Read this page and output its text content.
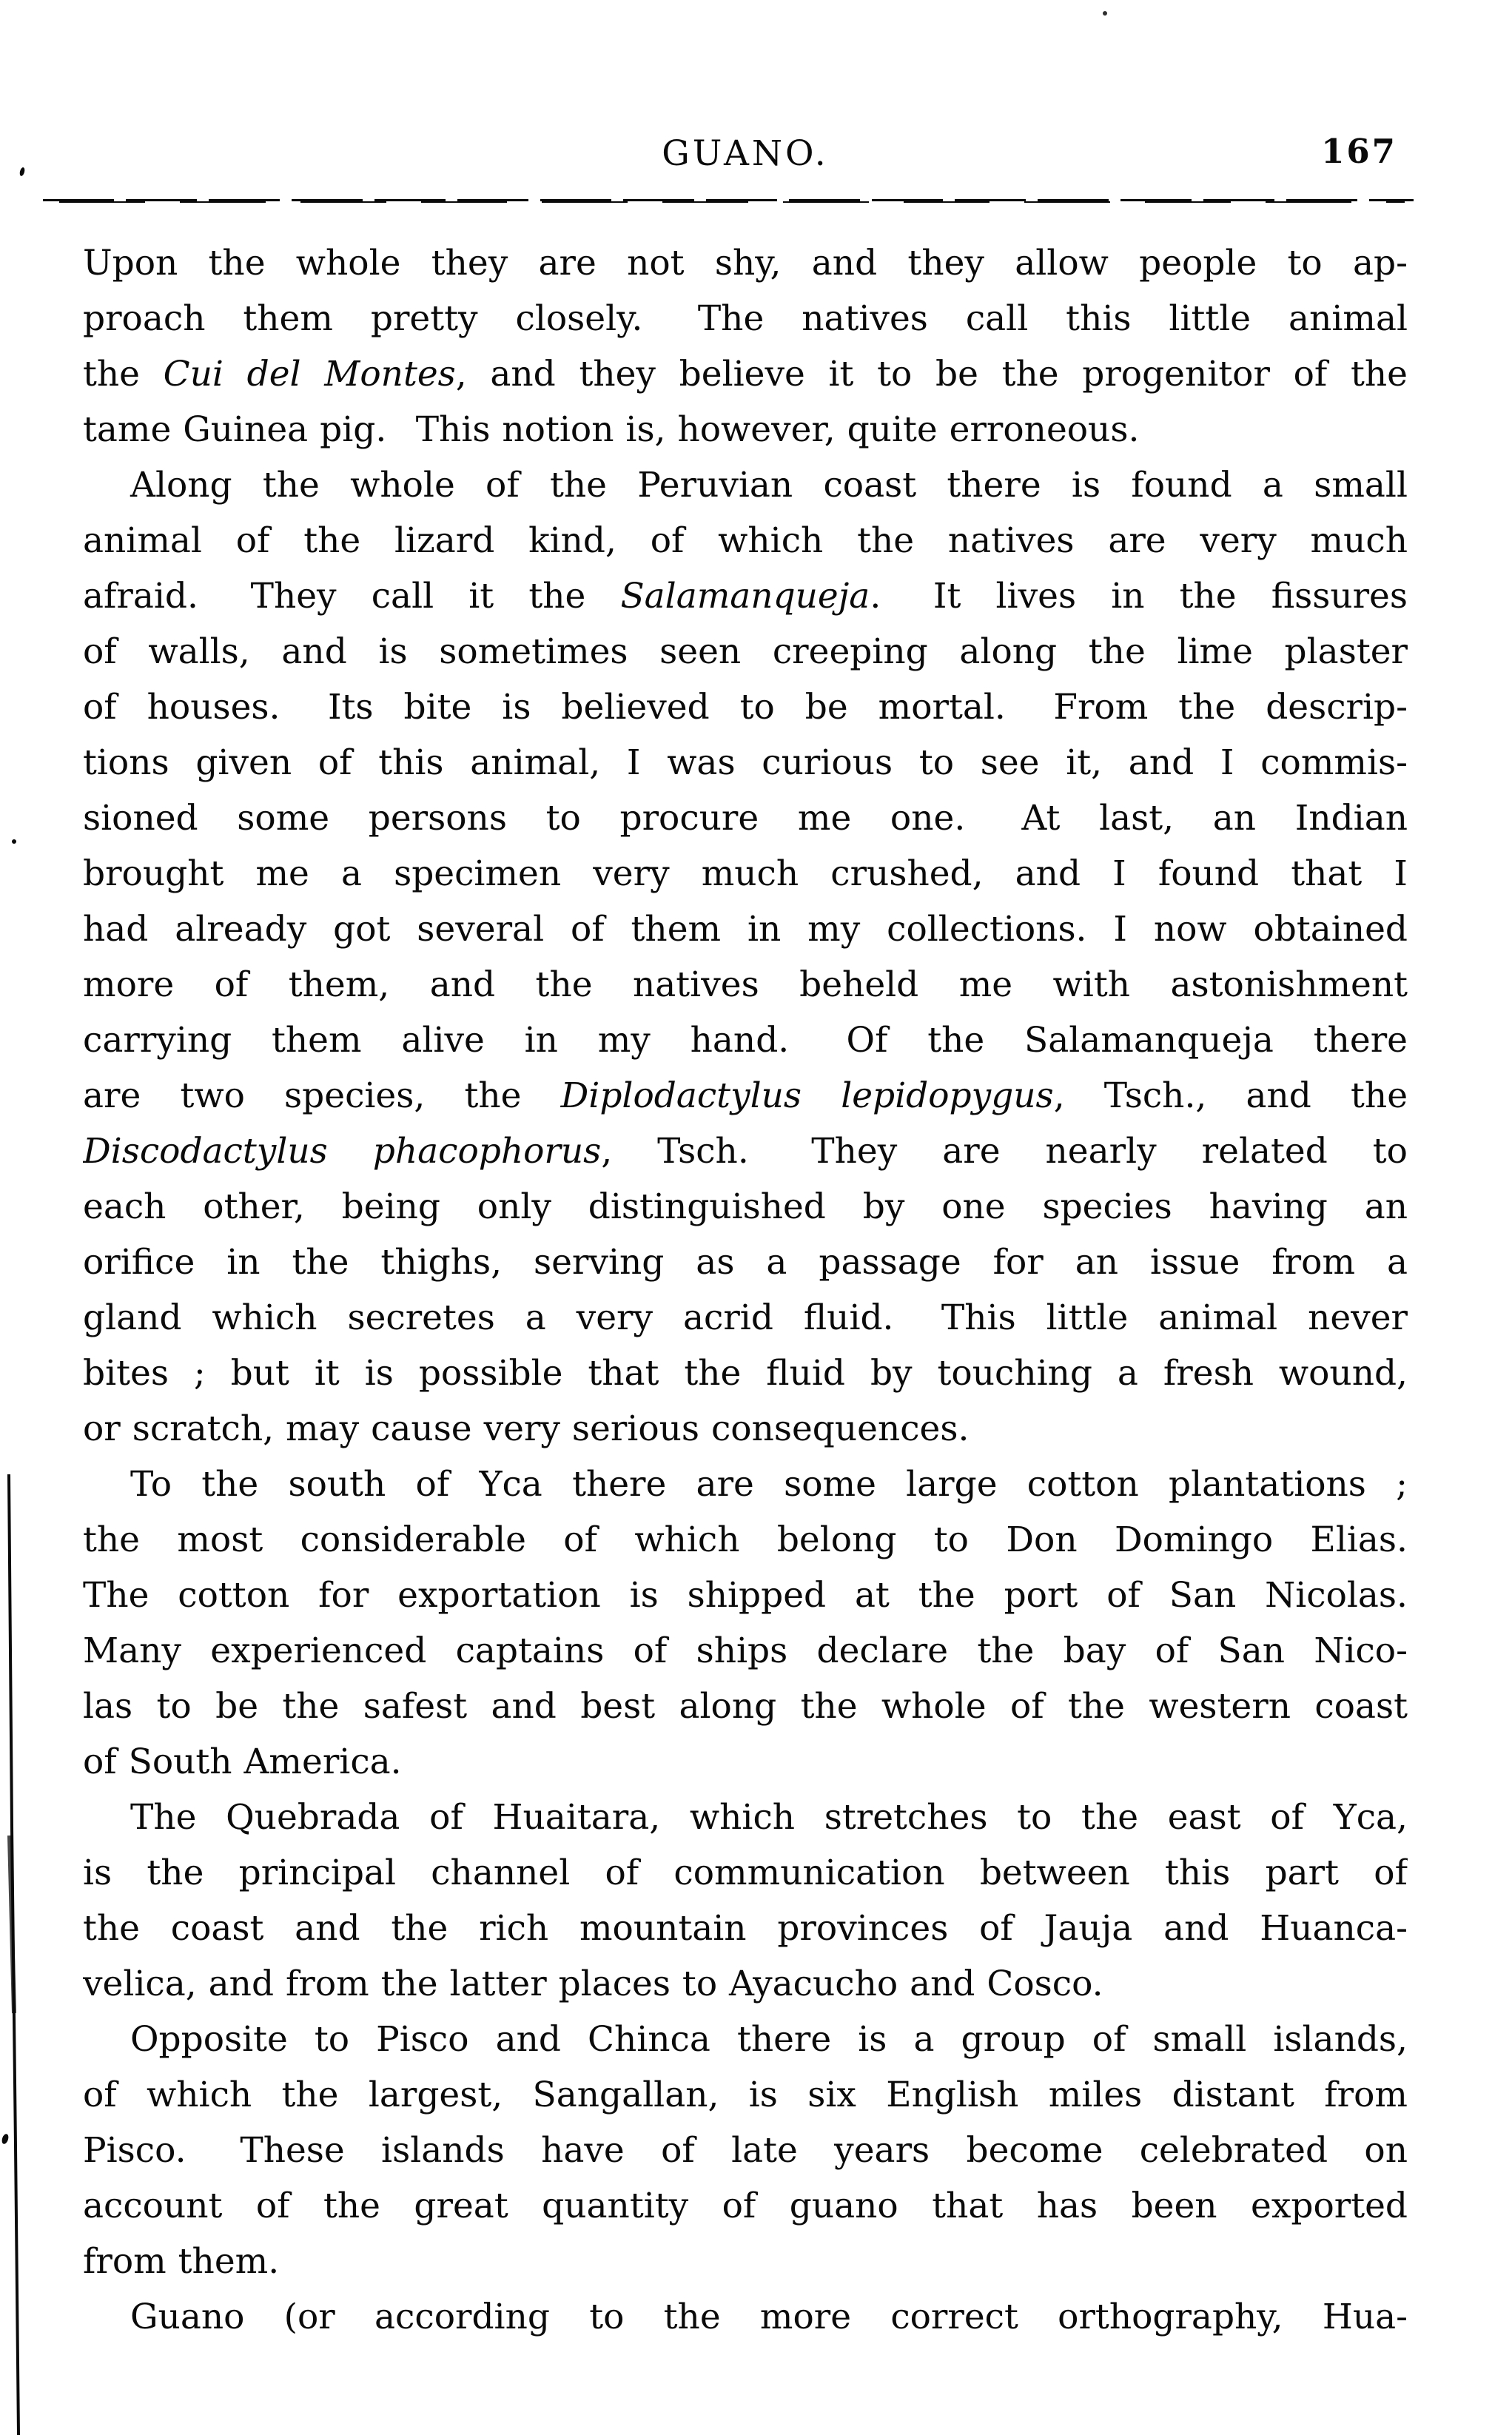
GUANO.	167
Upon the whole they are not shy, and they allow people to ap-
proach them pretty closely.  The natives call this little animal
the Cui del Montes, and they believe it to be the progenitor of the
tame Guinea pig.  This notion is, however, quite erroneous.
Along the whole of the Peruvian coast there is found a small
animal of the lizard kind, of which the natives are very much
afraid.  They call it the Salamanqueja.  It lives in the fissures
of walls, and is sometimes seen creeping along the lime plaster
of houses.  Its bite is believed to be mortal.  From the descrip-
tions given of this animal, I was curious to see it, and I commis-
sioned some persons to procure me one.  At last, an Indian
brought me a specimen very much crushed, and I found that I
had already got several of them in my collections. I now obtained
more of them, and the natives beheld me with astonishment
carrying them alive in my hand.  Of the Salamanqueja there
are two species, the Diplodactylus lepidopygus, Tsch., and the
Discodactylus phacophorus, Tsch.  They are nearly related to
each other, being only distinguished by one species having an
orifice in the thighs, serving as a passage for an issue from a
gland which secretes a very acrid fluid.  This little animal never
bites ; but it is possible that the fluid by touching a fresh wound,
or scratch, may cause very serious consequences.
To the south of Yca there are some large cotton plantations ;
the most considerable of which belong to Don Domingo Elias.
The cotton for exportation is shipped at the port of San Nicolas.
Many experienced captains of ships declare the bay of San Nico-
las to be the safest and best along the whole of the western coast
of South America.
The Quebrada of Huaitara, which stretches to the east of Yca,
is the principal channel of communication between this part of
the coast and the rich mountain provinces of Jauja and Huanca-
velica, and from the latter places to Ayacucho and Cosco.
Opposite to Pisco and Chinca there is a group of small islands,
of which the largest, Sangallan, is six English miles distant from
Pisco.  These islands have of late years become celebrated on
account of the great quantity of guano that has been exported
from them.
Guano (or according to the more correct orthography, Hua-
